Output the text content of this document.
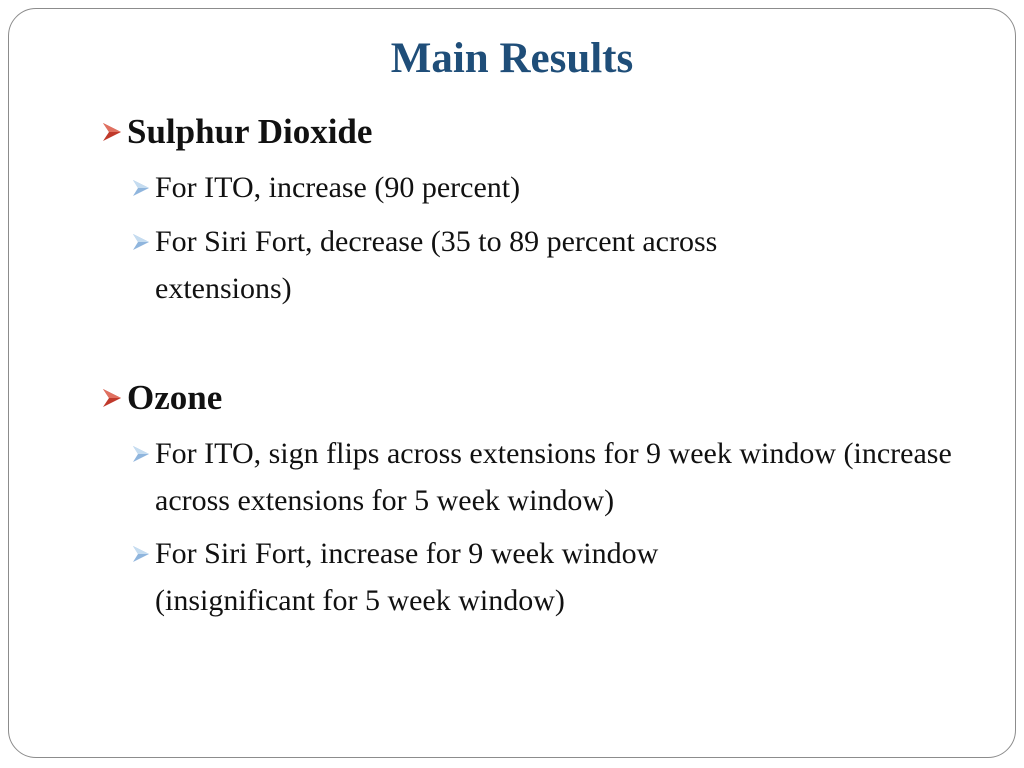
Main Results
Sulphur Dioxide
For ITO, increase (90 percent)
For Siri Fort, decrease (35 to 89 percent across extensions)
Ozone
For ITO, sign flips across extensions for 9 week window (increase across extensions for 5 week window)
For Siri Fort, increase for 9 week window (insignificant for 5 week window)
